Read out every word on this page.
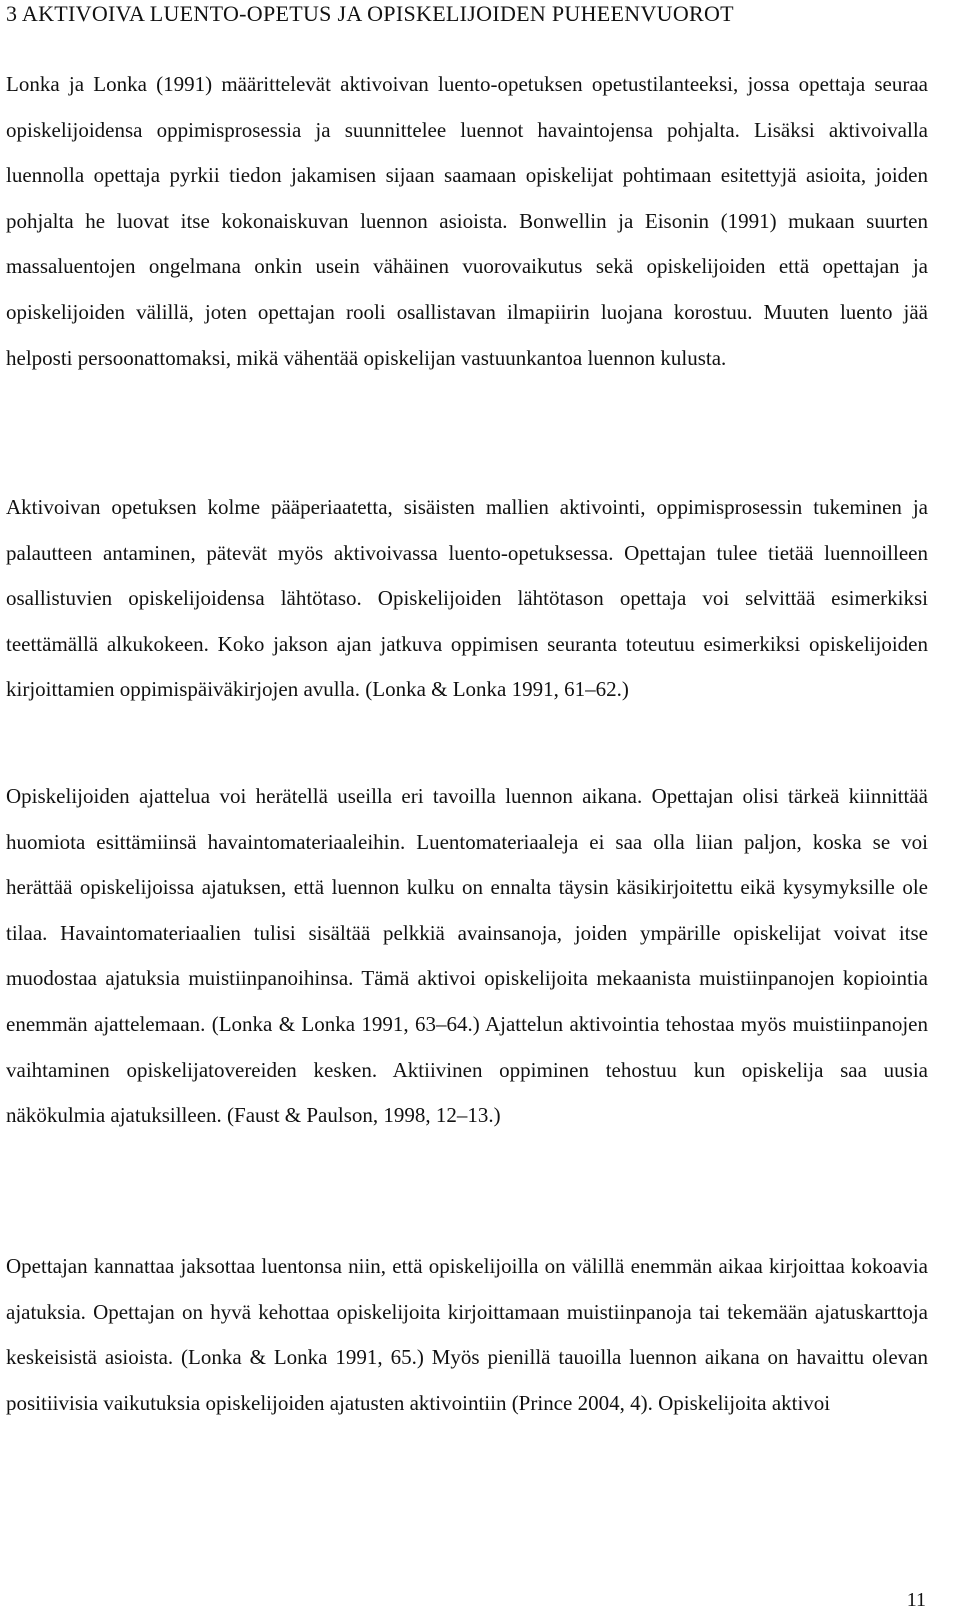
3 AKTIVOIVA LUENTO-OPETUS JA OPISKELIJOIDEN PUHEENVUOROT

Lonka ja Lonka (1991) määrittelevät aktivoivan luento-opetuksen opetustilanteeksi, jossa opettaja seuraa opiskelijoidensa oppimisprosessia ja suunnittelee luennot havaintojensa pohjalta. Lisäksi aktivoivalla luennolla opettaja pyrkii tiedon jakamisen sijaan saamaan opiskelijat pohtimaan esitettyjä asioita, joiden pohjalta he luovat itse kokonaiskuvan luennon asioista. Bonwellin ja Eisonin (1991) mukaan suurten massaluentojen ongelmana onkin usein vähäinen vuorovaikutus sekä opiskelijoiden että opettajan ja opiskelijoiden välillä, joten opettajan rooli osallistavan ilmapiirin luojana korostuu. Muuten luento jää helposti persoonattomaksi, mikä vähentää opiskelijan vastuunkantoa luennon kulusta.

Aktivoivan opetuksen kolme pääperiaatetta, sisäisten mallien aktivointi, oppimisprosessin tukeminen ja palautteen antaminen, pätevät myös aktivoivassa luento-opetuksessa. Opettajan tulee tietää luennoilleen osallistuvien opiskelijoidensa lähtötaso. Opiskelijoiden lähtötason opettaja voi selvittää esimerkiksi teettämällä alkukokeen. Koko jakson ajan jatkuva oppimisen seuranta toteutuu esimerkiksi opiskelijoiden kirjoittamien oppimispäiväkirjojen avulla. (Lonka & Lonka 1991, 61–62.)

Opiskelijoiden ajattelua voi herätellä useilla eri tavoilla luennon aikana. Opettajan olisi tärkeä kiinnittää huomiota esittämiinsä havaintomateriaaleihin. Luentomateriaaleja ei saa olla liian paljon, koska se voi herättää opiskelijoissa ajatuksen, että luennon kulku on ennalta täysin käsikirjoitettu eikä kysymyksille ole tilaa. Havaintomateriaalien tulisi sisältää pelkkiä avainsanoja, joiden ympärille opiskelijat voivat itse muodostaa ajatuksia muistiinpanoihinsa. Tämä aktivoi opiskelijoita mekaanista muistiinpanojen kopiointia enemmän ajattelemaan. (Lonka & Lonka 1991, 63–64.) Ajattelun aktivointia tehostaa myös muistiinpanojen vaihtaminen opiskelijatovereiden kesken. Aktiivinen oppiminen tehostuu kun opiskelija saa uusia näkökulmia ajatuksilleen. (Faust & Paulson, 1998, 12–13.)

Opettajan kannattaa jaksottaa luentonsa niin, että opiskelijoilla on välillä enemmän aikaa kirjoittaa kokoavia ajatuksia. Opettajan on hyvä kehottaa opiskelijoita kirjoittamaan muistiinpanoja tai tekemään ajatuskarttoja keskeisistä asioista. (Lonka & Lonka 1991, 65.) Myös pienillä tauoilla luennon aikana on havaittu olevan positiivisia vaikutuksia opiskelijoiden ajatusten aktivointiin (Prince 2004, 4). Opiskelijoita aktivoi

11
